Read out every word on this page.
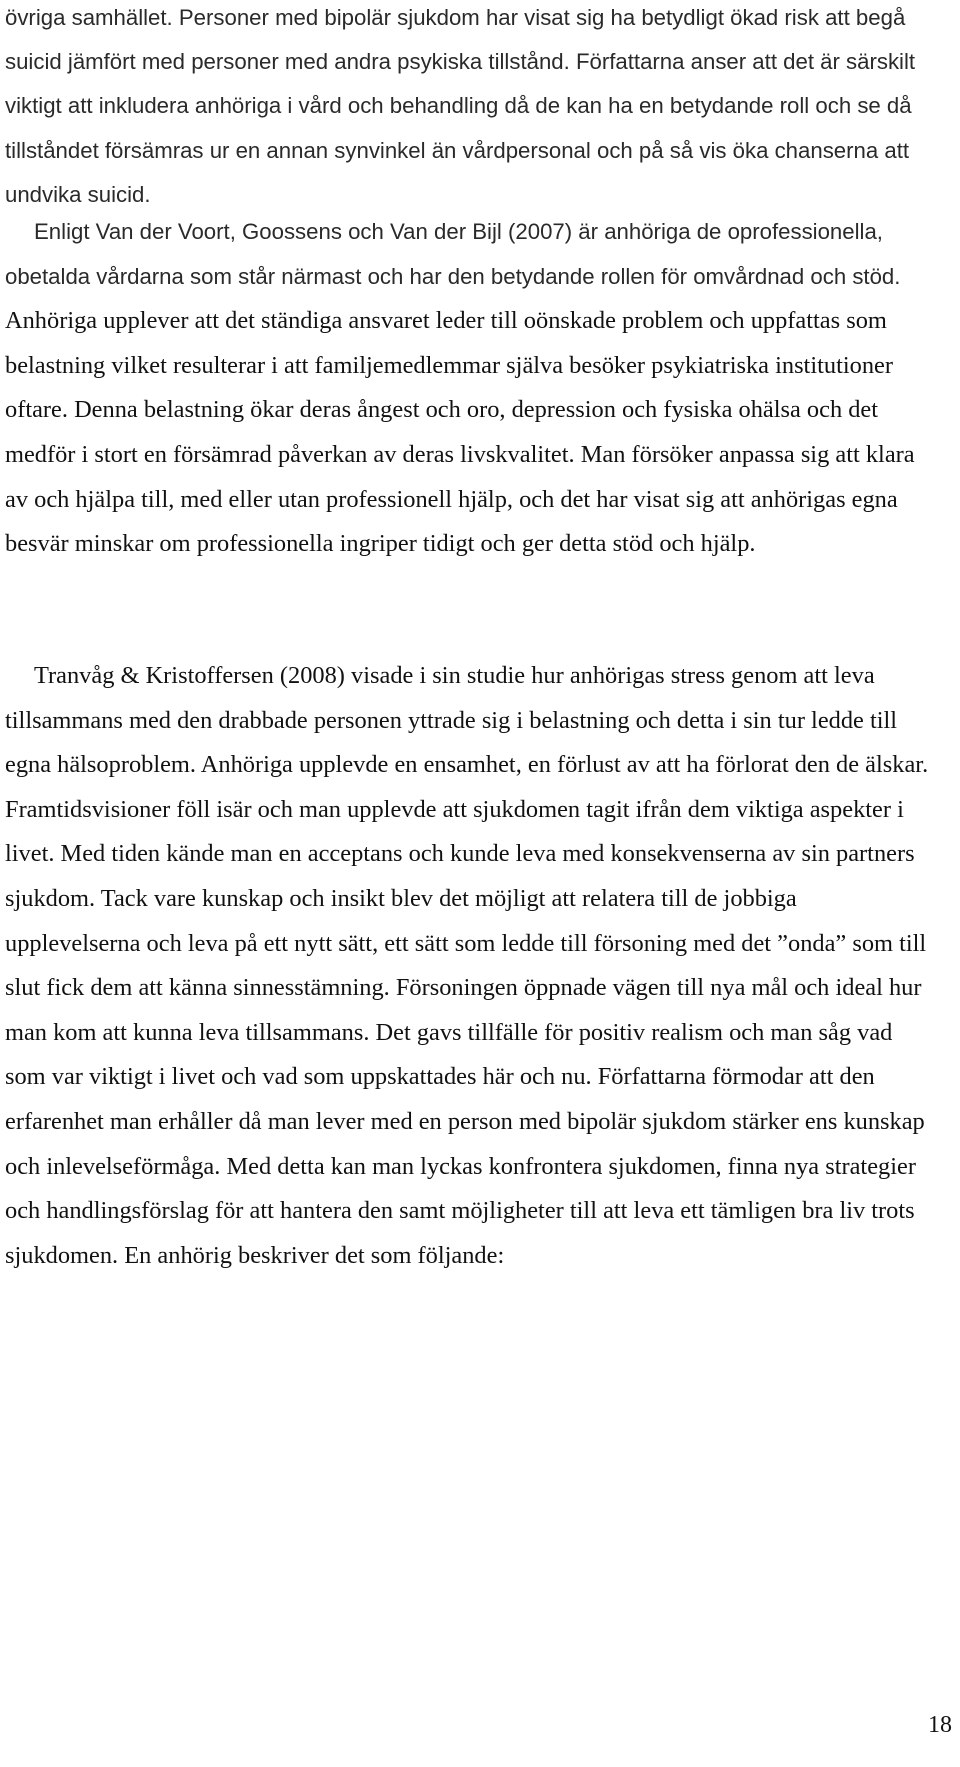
övriga samhället. Personer med bipolär sjukdom har visat sig ha betydligt ökad risk att begå suicid jämfört med personer med andra psykiska tillstånd. Författarna anser att det är särskilt viktigt att inkludera anhöriga i vård och behandling då de kan ha en betydande roll och se då tillståndet försämras ur en annan synvinkel än vårdpersonal och på så vis öka chanserna att undvika suicid.

Enligt Van der Voort, Goossens och Van der Bijl (2007) är anhöriga de oprofessionella, obetalda vårdarna som står närmast och har den betydande rollen för omvårdnad och stöd. Anhöriga upplever att det ständiga ansvaret leder till oönskade problem och uppfattas som belastning vilket resulterar i att familjemedlemmar själva besöker psykiatriska institutioner oftare. Denna belastning ökar deras ångest och oro, depression och fysiska ohälsa och det medför i stort en försämrad påverkan av deras livskvalitet. Man försöker anpassa sig att klara av och hjälpa till, med eller utan professionell hjälp, och det har visat sig att anhörigas egna besvär minskar om professionella ingriper tidigt och ger detta stöd och hjälp.

Tranvåg & Kristoffersen (2008) visade i sin studie hur anhörigas stress genom att leva tillsammans med den drabbade personen yttrade sig i belastning och detta i sin tur ledde till egna hälsoproblem. Anhöriga upplevde en ensamhet, en förlust av att ha förlorat den de älskar. Framtidsvisioner föll isär och man upplevde att sjukdomen tagit ifrån dem viktiga aspekter i livet. Med tiden kände man en acceptans och kunde leva med konsekvenserna av sin partners sjukdom. Tack vare kunskap och insikt blev det möjligt att relatera till de jobbiga upplevelserna och leva på ett nytt sätt, ett sätt som ledde till försoning med det ”onda” som till slut fick dem att känna sinnesstämning. Försoningen öppnade vägen till nya mål och ideal hur man kom att kunna leva tillsammans. Det gavs tillfälle för positiv realism och man såg vad som var viktigt i livet och vad som uppskattades här och nu. Författarna förmodar att den erfarenhet man erhåller då man lever med en person med bipolär sjukdom stärker ens kunskap och inlevelseförmåga. Med detta kan man lyckas konfrontera sjukdomen, finna nya strategier och handlingsförslag för att hantera den samt möjligheter till att leva ett tämligen bra liv trots sjukdomen. En anhörig beskriver det som följande:

18
